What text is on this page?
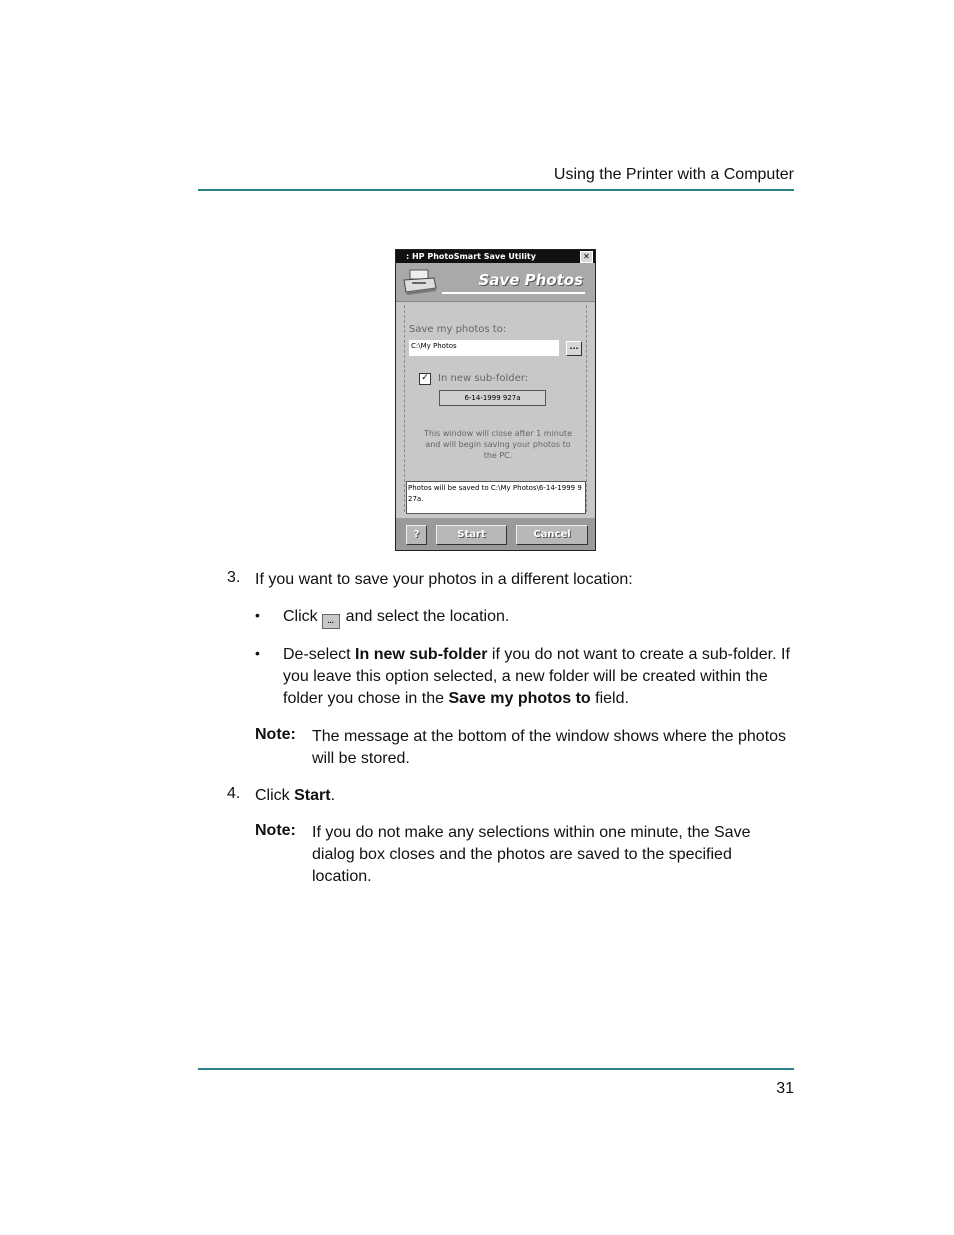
Using the Printer with a Computer
: HP PhotoSmart Save Utility	✕
Save Photos
Save my photos to:
C:\My Photos	...
✓ In new sub-folder:
6-14-1999 927a
This window will close after 1 minute and will begin saving your photos to the PC.
Photos will be saved to C:\My Photos\6-14-1999 927a.
?	Start	Cancel
3. If you want to save your photos in a different location:
• Click ... and select the location.
• De-select In new sub-folder if you do not want to create a sub-folder. If you leave this option selected, a new folder will be created within the folder you chose in the Save my photos to field.
Note: The message at the bottom of the window shows where the photos will be stored.
4. Click Start.
Note: If you do not make any selections within one minute, the Save dialog box closes and the photos are saved to the specified location.
31
